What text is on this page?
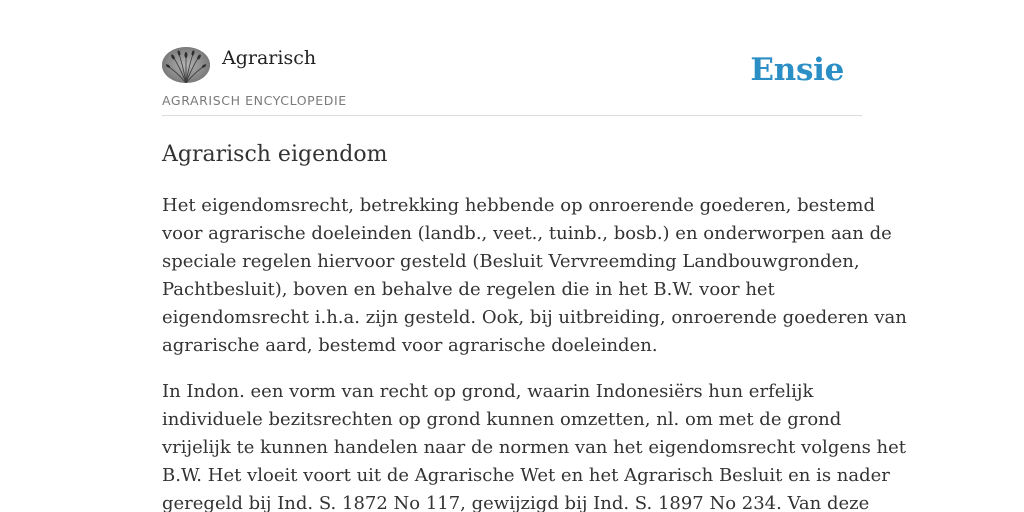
Agrarisch

AGRARISCH ENCYCLOPEDIE

Ensie
Agrarisch eigendom

Het eigendomsrecht, betrekking hebbende op onroerende goederen, bestemd
voor agrarische doeleinden (landb., veet., tuinb., bosb.) en onderworpen aan de
speciale regelen hiervoor gesteld (Besluit Vervreemding Landbouwgronden,
Pachtbesluit), boven en behalve de regelen die in het B.W. voor het
eigendomsrecht i.h.a. zijn gesteld. Ook, bij uitbreiding, onroerende goederen van
agrarische aard, bestemd voor agrarische doeleinden.

In Indon. een vorm van recht op grond, waarin Indonesiërs hun erfelijk
individuele bezitsrechten op grond kunnen omzetten, nl. om met de grond
vrijelijk te kunnen handelen naar de normen van het eigendomsrecht volgens het
B.W. Het vloeit voort uit de Agrarische Wet en het Agrarisch Besluit en is nader
geregeld bij Ind. S. 1872 No 117, gewijzigd bij Ind. S. 1897 No 234. Van deze
